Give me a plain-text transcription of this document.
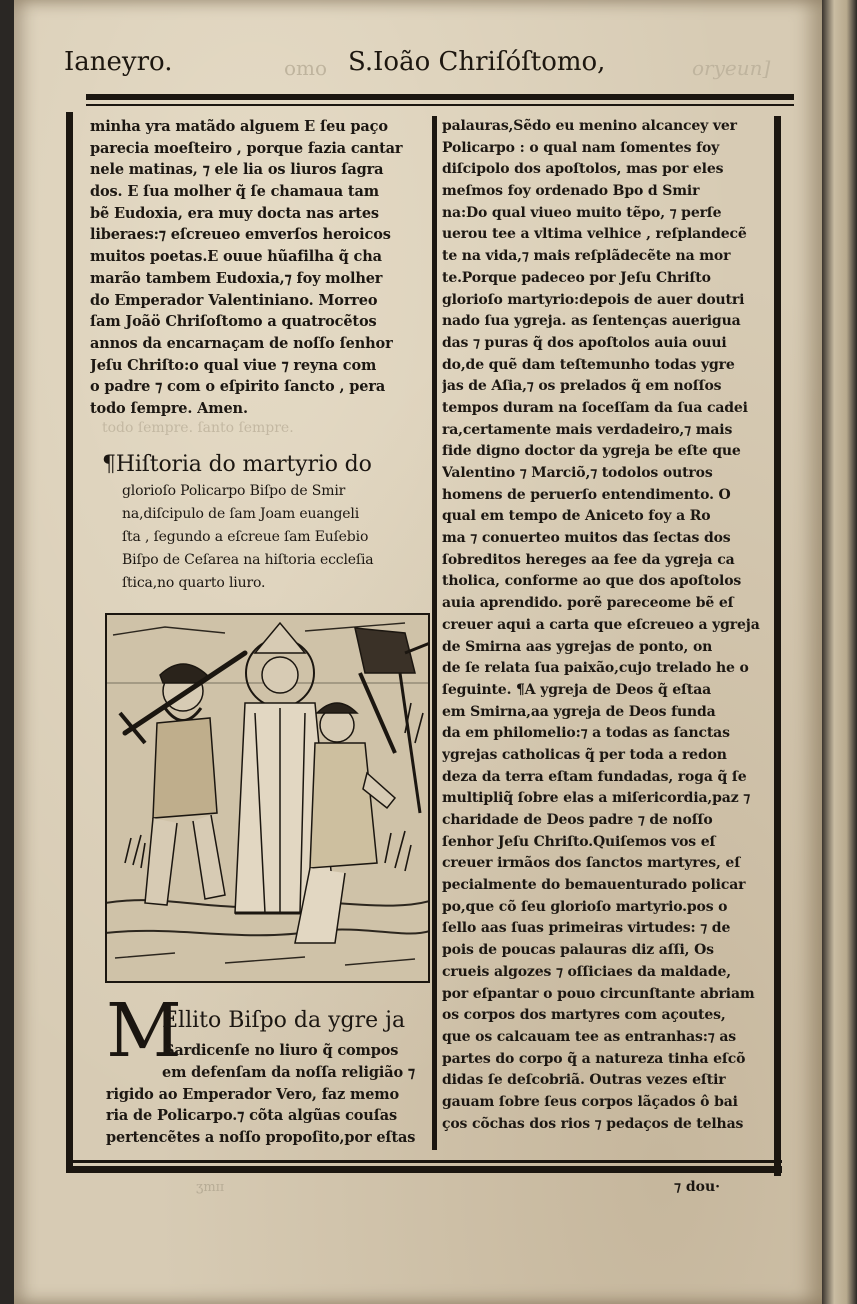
Ianeyro.	omo S.Ioão Chriſóſtomo,	oryeun]
minha yra matãdo alguem E ſeu paço
parecia moeſteiro , porque fazia cantar
nele matinas, ⁊ ele lia os liuros ſagra
dos. E ſua molher q̃ ſe chamaua tam
bẽ Eudoxia, era muy docta nas artes
liberaes:⁊ eſcreueo emverſos heroicos
muitos poetas.E ouue hũafilha q̃ cha
marão tambem Eudoxia,⁊ foy molher
do Emperador Valentiniano. Morreo
ſam Joãö Chriſoſtomo a quatrocẽtos
annos da encarnaçam de noſſo ſenhor
Jeſu Chriſto:o qual viue ⁊ reyna com
o padre ⁊ com o eſpirito ſancto , pera
todo ſempre. Amen.
todo ſempre. ſanto ſempre.
¶Hiſtoria do martyrio do
glorioſo Policarpo Biſpo de Smir
na,diſcipulo de ſam Joam euangeli
ſta , ſegundo a eſcreue ſam Euſebio
Biſpo de Ceſarea na hiſtoria eccleſia
ſtica,no quarto liuro.
M
Ellito Biſpo da ygre ja
Sardicenſe no liuro q̃ compos
em defenſam da noſſa religião ⁊
rigido ao Emperador Vero, faz memo
ria de Policarpo.⁊ cõta algũas couſas
pertencẽtes a noſſo propoſito,por eſtas
palauras,Sẽdo eu menino alcancey ver
Policarpo : o qual nam ſomentes foy
diſcipolo dos apoſtolos, mas por eles
meſmos foy ordenado Bpo d Smir
na:Do qual viueo muito tẽpo, ⁊ perſe
uerou tee a vltima velhice , reſplandecẽ
te na vida,⁊ mais reſplãdecẽte na mor
te.Porque padeceo por Jeſu Chriſto
glorioſo martyrio:depois de auer doutri
nado ſua ygreja. as ſentenças auerigua
das ⁊ puras q̃ dos apoſtolos auia ouui
do,de quẽ dam teſtemunho todas ygre
jas de Aſia,⁊ os prelados q̃ em noſſos
tempos duram na ſoceſſam da ſua cadei
ra,certamente mais verdadeiro,⁊ mais
fide digno doctor da ygreja be eſte que
Valentino ⁊ Marciõ,⁊ todolos outros
homens de peruerſo entendimento. O
qual em tempo de Aniceto foy a Ro
ma ⁊ conuerteo muitos das ſectas dos
ſobreditos hereges aa fee da ygreja ca
tholica, conforme ao que dos apoſtolos
auia aprendido. porẽ pareceome bẽ eſ
creuer aqui a carta que eſcreueo a ygreja
de Smirna aas ygrejas de ponto, on
de ſe relata ſua paixão,cujo trelado he o
ſeguinte. ¶A ygreja de Deos q̃ eſtaa
em Smirna,aa ygreja de Deos funda
da em philomelio:⁊ a todas as ſanctas
ygrejas catholicas q̃ per toda a redon
deza da terra eſtam fundadas, roga q̃ ſe
multipliq̃ ſobre elas a miſericordia,paz ⁊
charidade de Deos padre ⁊ de noſſo
ſenhor Jeſu Chriſto.Quiſemos vos eſ
creuer irmãos dos ſanctos martyres, eſ
pecialmente do bemauenturado policar
po,que cõ ſeu glorioſo martyrio.pos o
ſello aas ſuas primeiras virtudes: ⁊ de
pois de poucas palauras diz aſſi, Os
crueis algozes ⁊ oſſiciaes da maldade,
por eſpantar o pouo circunſtante abriam
os corpos dos martyres com açoutes,
que os calcauam tee as entranhas:⁊ as
partes do corpo q̃ a natureza tinha eſcõ
didas ſe deſcobriã. Outras vezes eſtir
gauam ſobre ſeus corpos lãçados ô bai
ços cõchas dos rios ⁊ pedaços de telhas
ʒmɪɪ	⁊ dou·
